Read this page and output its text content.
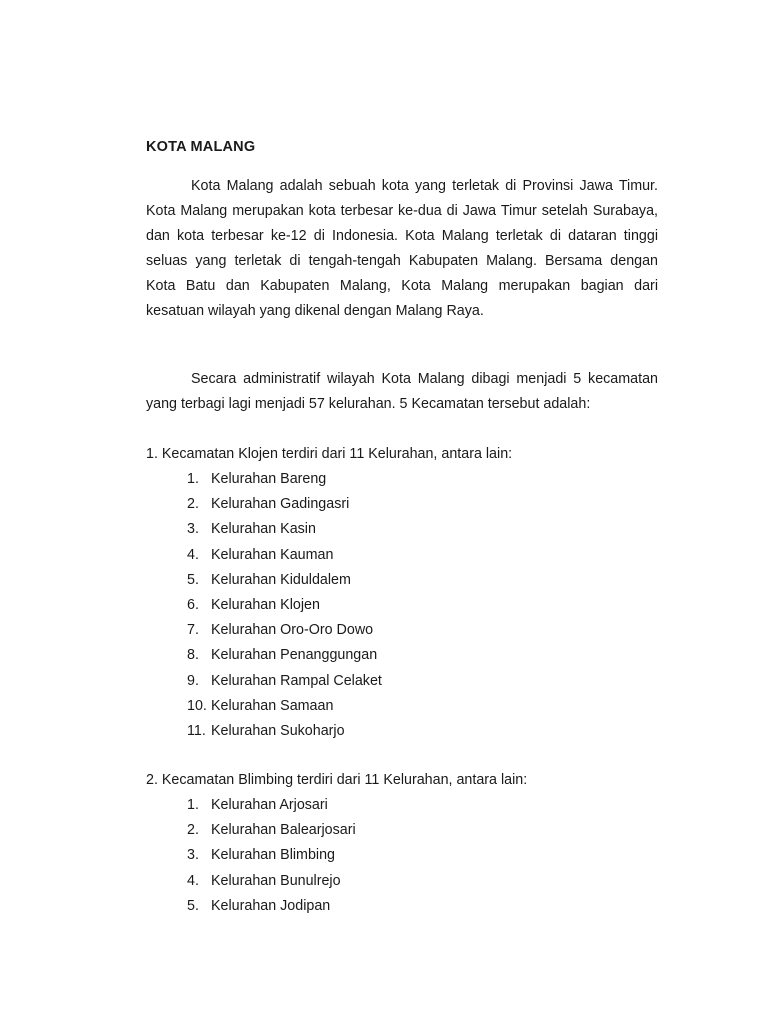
KOTA MALANG

Kota Malang adalah sebuah kota yang terletak di Provinsi Jawa Timur. Kota Malang merupakan kota terbesar ke-dua di Jawa Timur setelah Surabaya, dan kota terbesar ke-12 di Indonesia. Kota Malang terletak di dataran tinggi seluas yang terletak di tengah-tengah Kabupaten Malang. Bersama dengan Kota Batu dan Kabupaten Malang, Kota Malang merupakan bagian dari kesatuan wilayah yang dikenal dengan Malang Raya.

Secara administratif wilayah Kota Malang dibagi menjadi 5 kecamatan yang terbagi lagi menjadi 57 kelurahan. 5 Kecamatan tersebut adalah:

1. Kecamatan Klojen terdiri dari 11 Kelurahan, antara lain:
1. Kelurahan Bareng
2. Kelurahan Gadingasri
3. Kelurahan Kasin
4. Kelurahan Kauman
5. Kelurahan Kiduldalem
6. Kelurahan Klojen
7. Kelurahan Oro-Oro Dowo
8. Kelurahan Penanggungan
9. Kelurahan Rampal Celaket
10. Kelurahan Samaan
11. Kelurahan Sukoharjo
2. Kecamatan Blimbing terdiri dari 11 Kelurahan, antara lain:
1. Kelurahan Arjosari
2. Kelurahan Balearjosari
3. Kelurahan Blimbing
4. Kelurahan Bunulrejo
5. Kelurahan Jodipan
